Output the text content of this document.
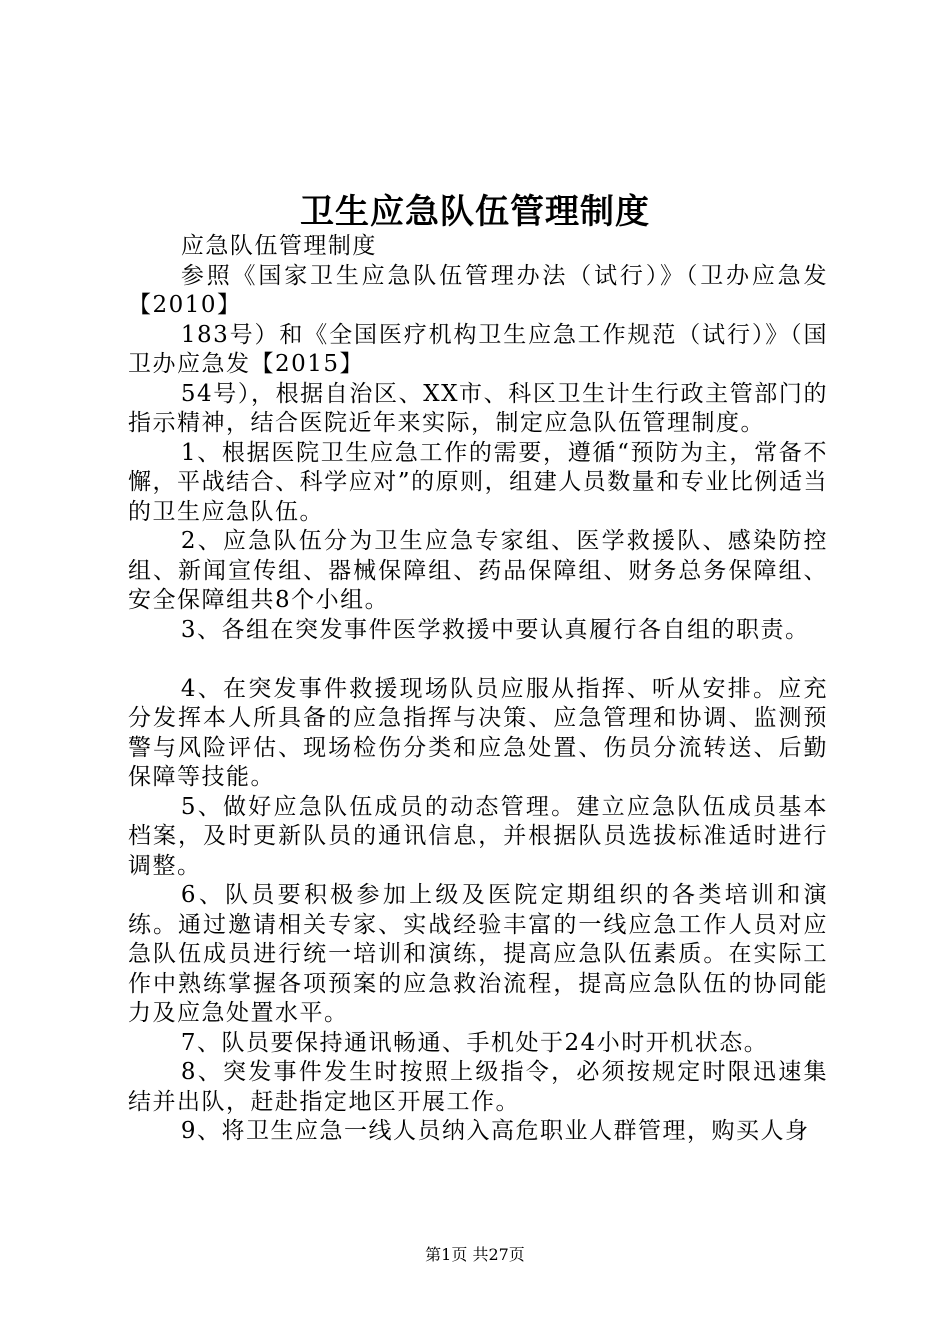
卫生应急队伍管理制度

应急队伍管理制度

参照《国家卫生应急队伍管理办法（试行）》（卫办应急发【2010】

183号）和《全国医疗机构卫生应急工作规范（试行）》（国卫办应急发【2015】

54号），根据自治区、XX市、科区卫生计生行政主管部门的指示精神，结合医院近年来实际，制定应急队伍管理制度。

1、根据医院卫生应急工作的需要，遵循“预防为主，常备不懈，平战结合、科学应对”的原则，组建人员数量和专业比例适当的卫生应急队伍。

2、应急队伍分为卫生应急专家组、医学救援队、感染防控组、新闻宣传组、器械保障组、药品保障组、财务总务保障组、安全保障组共8个小组。

3、各组在突发事件医学救援中要认真履行各自组的职责。

4、在突发事件救援现场队员应服从指挥、听从安排。应充分发挥本人所具备的应急指挥与决策、应急管理和协调、监测预警与风险评估、现场检伤分类和应急处置、伤员分流转送、后勤保障等技能。

5、做好应急队伍成员的动态管理。建立应急队伍成员基本档案，及时更新队员的通讯信息，并根据队员选拔标准适时进行调整。

6、队员要积极参加上级及医院定期组织的各类培训和演练。通过邀请相关专家、实战经验丰富的一线应急工作人员对应急队伍成员进行统一培训和演练，提高应急队伍素质。在实际工作中熟练掌握各项预案的应急救治流程，提高应急队伍的协同能力及应急处置水平。

7、队员要保持通讯畅通、手机处于24小时开机状态。

8、突发事件发生时按照上级指令，必须按规定时限迅速集结并出队，赶赴指定地区开展工作。

9、将卫生应急一线人员纳入高危职业人群管理，购买人身

第1页 共27页
